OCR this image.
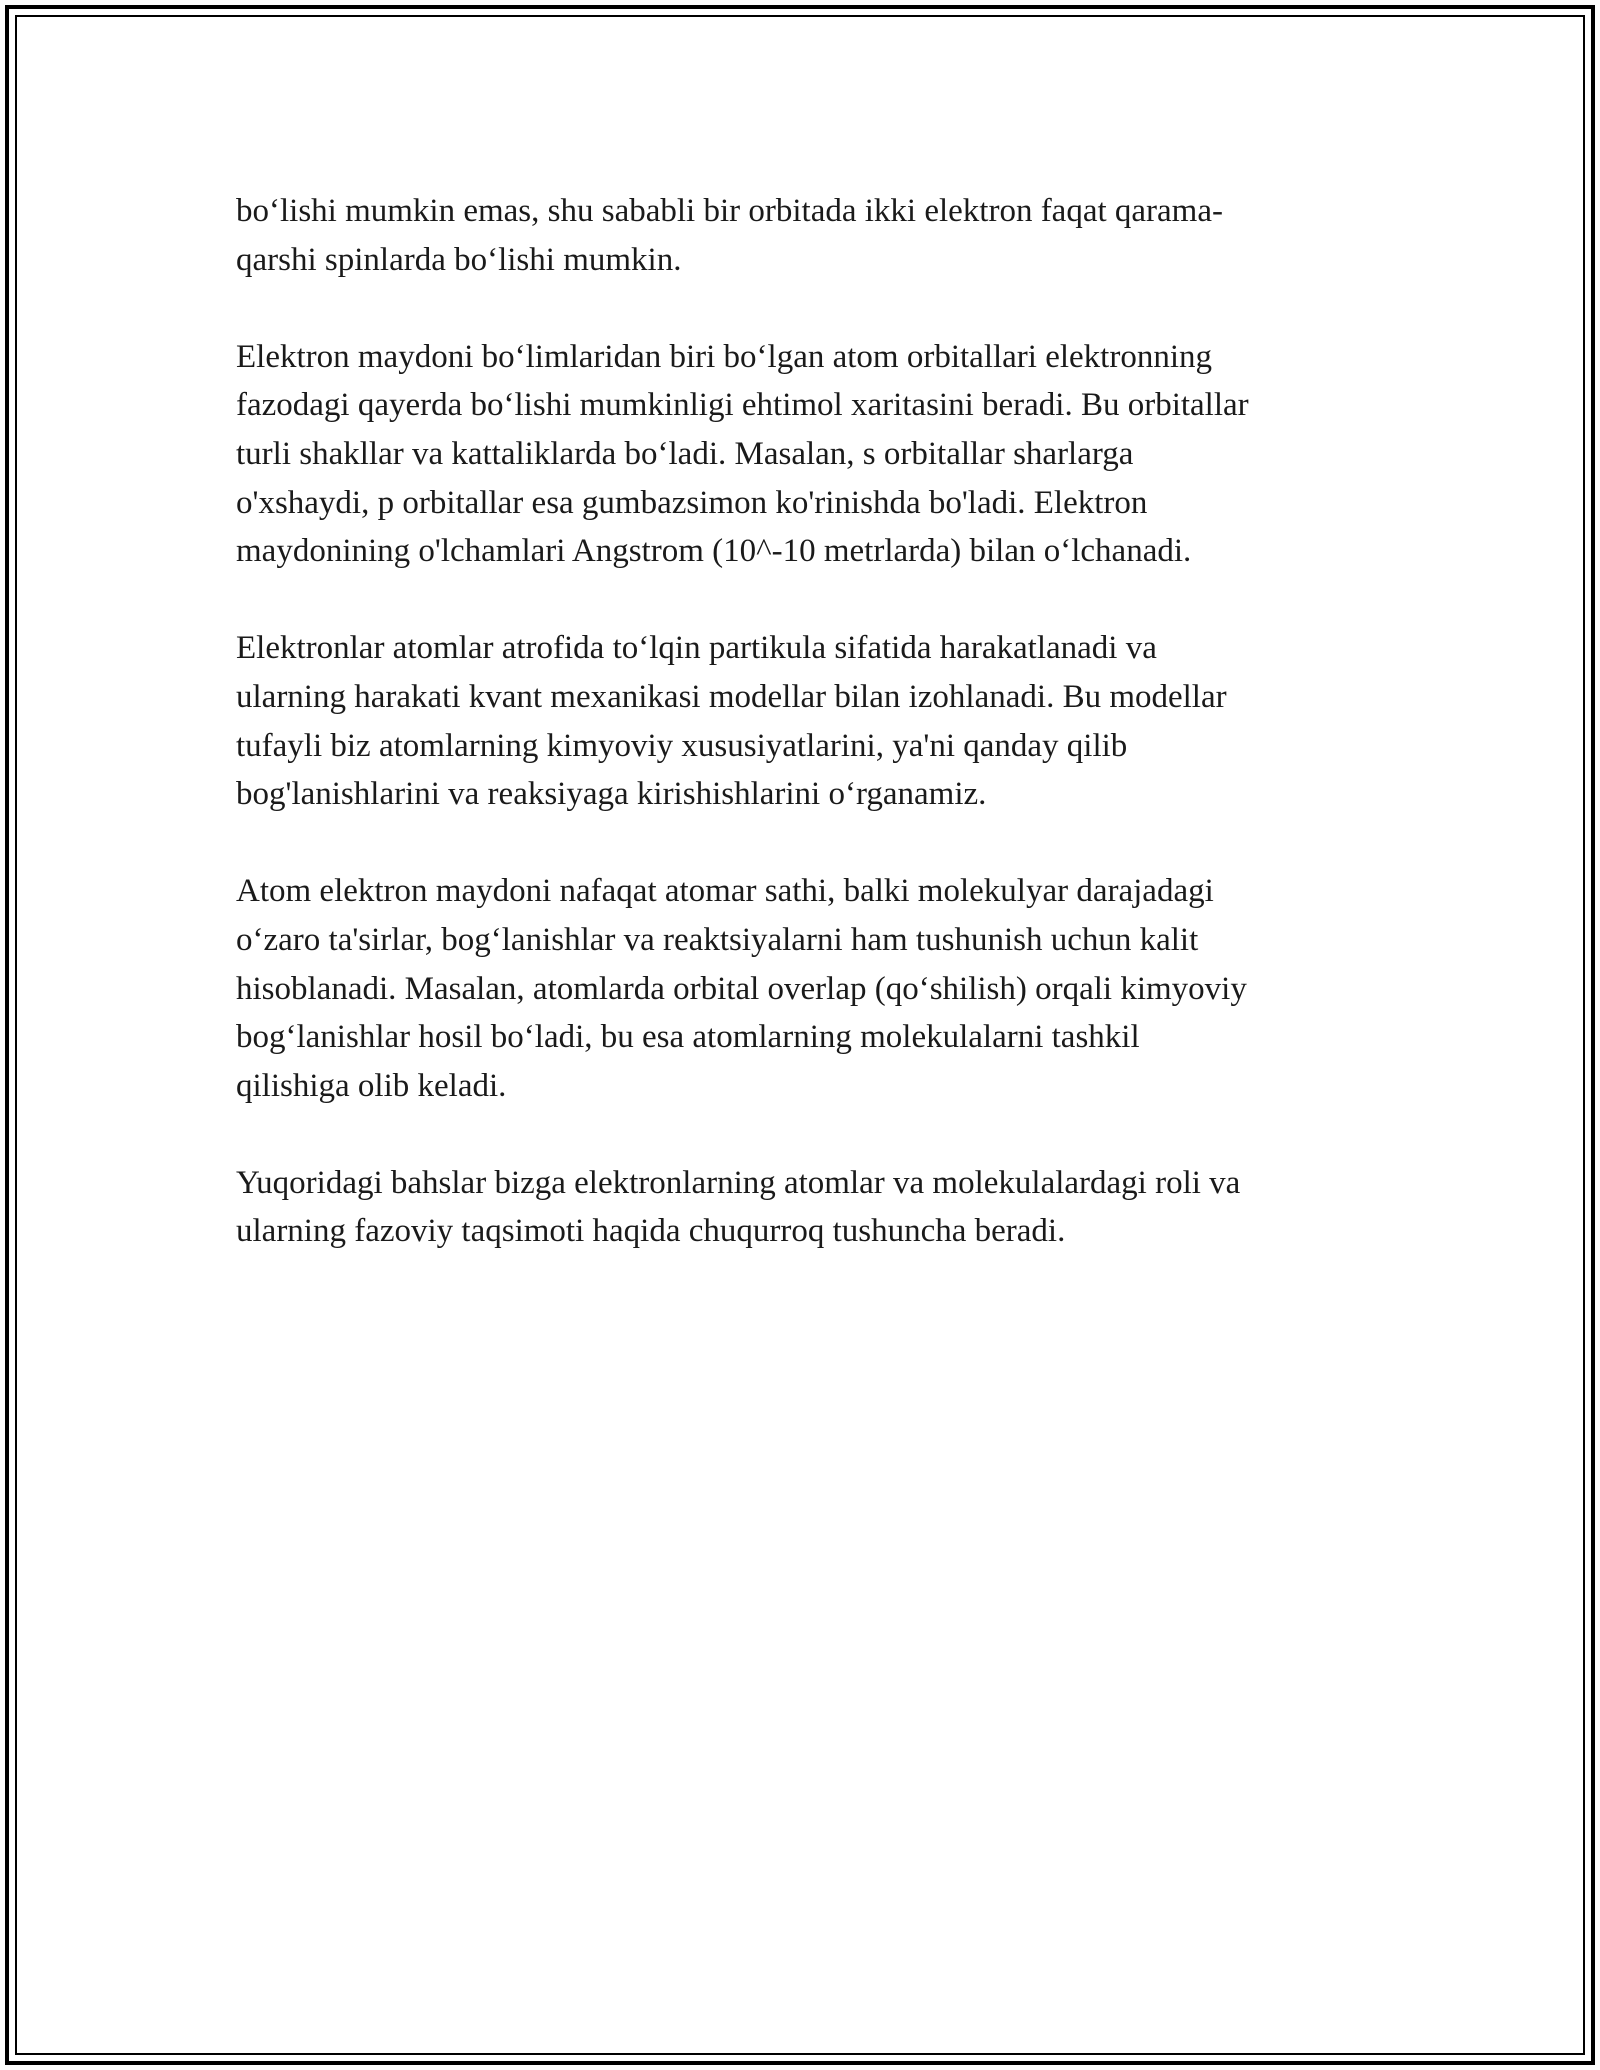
bo‘lishi mumkin emas, shu sababli bir orbitada ikki elektron faqat qarama-
qarshi spinlarda bo‘lishi mumkin.

Elektron maydoni bo‘limlaridan biri bo‘lgan atom orbitallari elektronning
fazodagi qayerda bo‘lishi mumkinligi ehtimol xaritasini beradi. Bu orbitallar
turli shakllar va kattaliklarda bo‘ladi. Masalan, s orbitallar sharlarga
o'xshaydi, p orbitallar esa gumbazsimon ko'rinishda bo'ladi. Elektron
maydonining o'lchamlari Angstrom (10^-10 metrlarda) bilan o‘lchanadi.

Elektronlar atomlar atrofida to‘lqin partikula sifatida harakatlanadi va
ularning harakati kvant mexanikasi modellar bilan izohlanadi. Bu modellar
tufayli biz atomlarning kimyoviy xususiyatlarini, ya'ni qanday qilib
bog'lanishlarini va reaksiyaga kirishishlarini o‘rganamiz.

Atom elektron maydoni nafaqat atomar sathi, balki molekulyar darajadagi
o‘zaro ta'sirlar, bog‘lanishlar va reaktsiyalarni ham tushunish uchun kalit
hisoblanadi. Masalan, atomlarda orbital overlap (qo‘shilish) orqali kimyoviy
bog‘lanishlar hosil bo‘ladi, bu esa atomlarning molekulalarni tashkil
qilishiga olib keladi.

Yuqoridagi bahslar bizga elektronlarning atomlar va molekulalardagi roli va
ularning fazoviy taqsimoti haqida chuqurroq tushuncha beradi.
